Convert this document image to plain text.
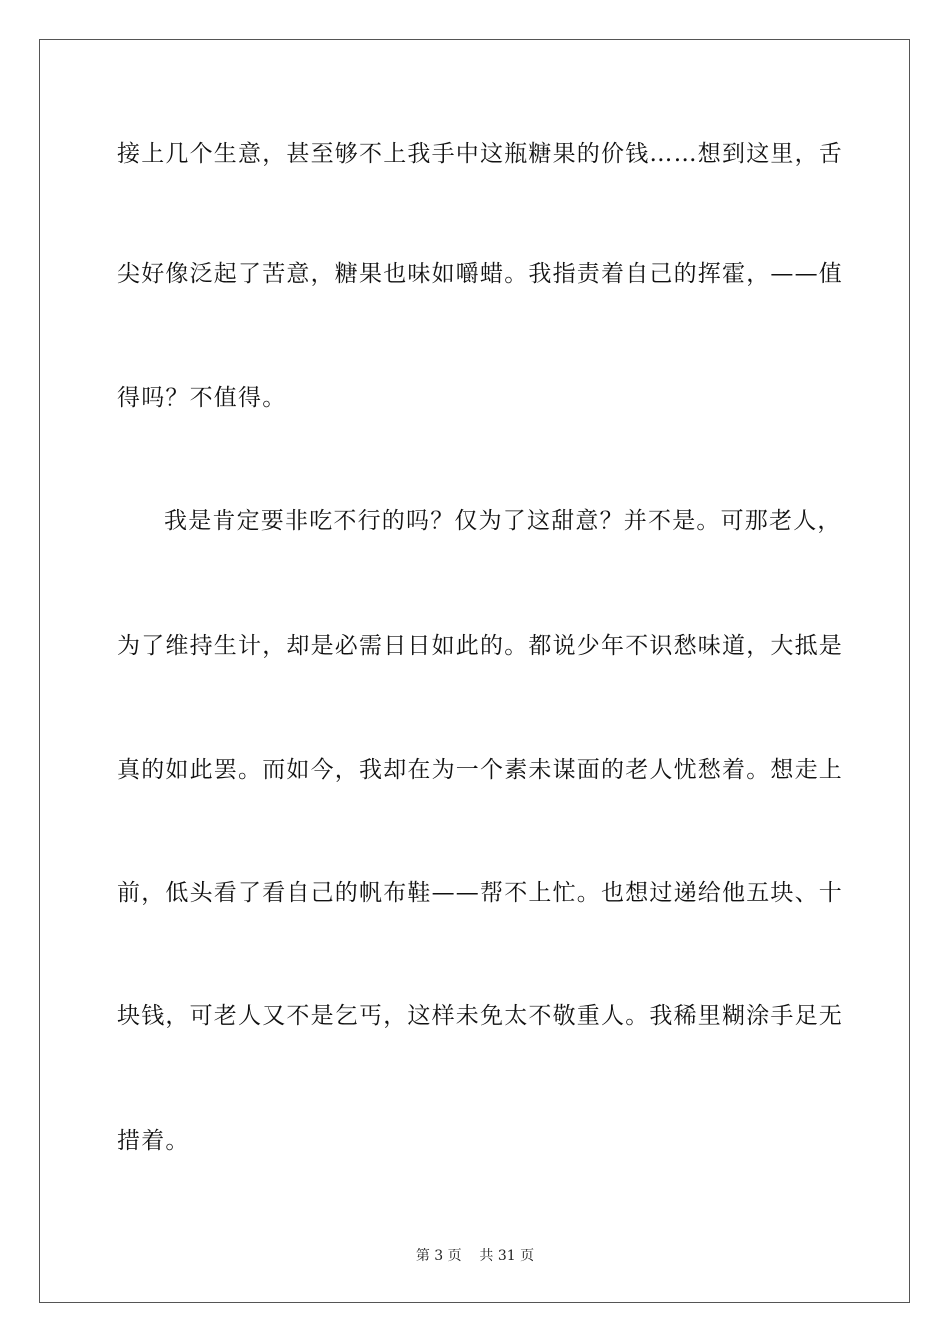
接上几个生意，甚至够不上我手中这瓶糖果的价钱……想到这里，舌
尖好像泛起了苦意，糖果也味如嚼蜡。我指责着自己的挥霍，——值
得吗？不值得。
我是肯定要非吃不行的吗？仅为了这甜意？并不是。可那老人，
为了维持生计，却是必需日日如此的。都说少年不识愁味道，大抵是
真的如此罢。而如今，我却在为一个素未谋面的老人忧愁着。想走上
前，低头看了看自己的帆布鞋——帮不上忙。也想过递给他五块、十
块钱，可老人又不是乞丐，这样未免太不敬重人。我稀里糊涂手足无
措着。
第 3 页    共 31 页
